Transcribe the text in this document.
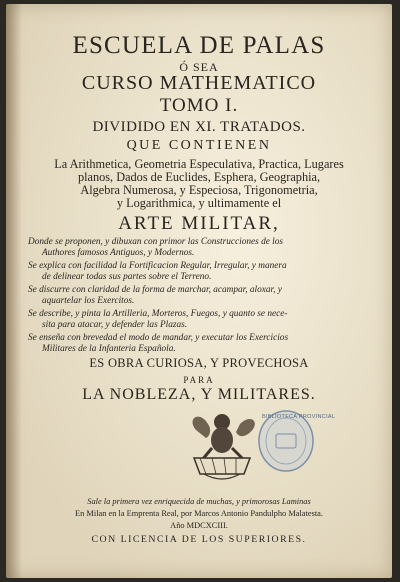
ESCUELA DE PALAS
Ó SEA
CURSO MATHEMATICO
TOMO I.
DIVIDIDO EN XI. TRATADOS.
QUE CONTIENEN
La Arithmetica, Geometria Especulativa, Practica, Lugares
planos, Dados de Euclides, Esphera, Geographia,
Algebra Numerosa, y Especiosa, Trigonometria,
y Logarithmica, y ultimamente el
ARTE MILITAR,
Donde se proponen, y dibuxan con primor las Construcciones de los
Authores famosos Antiguos, y Modernos.
Se explica con facilidad la Fortificacion Regular, Irregular, y manera
de delinear todas sus partes sobre el Terreno.
Se discurre con claridad de la forma de marchar, acampar, aloxar, y
aquartelar los Exercitos.
Se describe, y pinta la Artilleria, Morteros, Fuegos, y quanto se nece-
sita para atacar, y defender las Plazas.
Se enseña con brevedad el modo de mandar, y executar los Exercicios
Militares de la Infanteria Española.
ES OBRA CURIOSA, Y PROVECHOSA
PARA
LA NOBLEZA, Y MILITARES.
BIBLIOTECA PROVINCIAL
Sale la primera vez enriquecida de muchas, y primorosas Laminas
En Milan en la Emprenta Real, por Marcos Antonio Pandulpho Malatesta.
Año MDCXCIII.
CON LICENCIA DE LOS SUPERIORES.
